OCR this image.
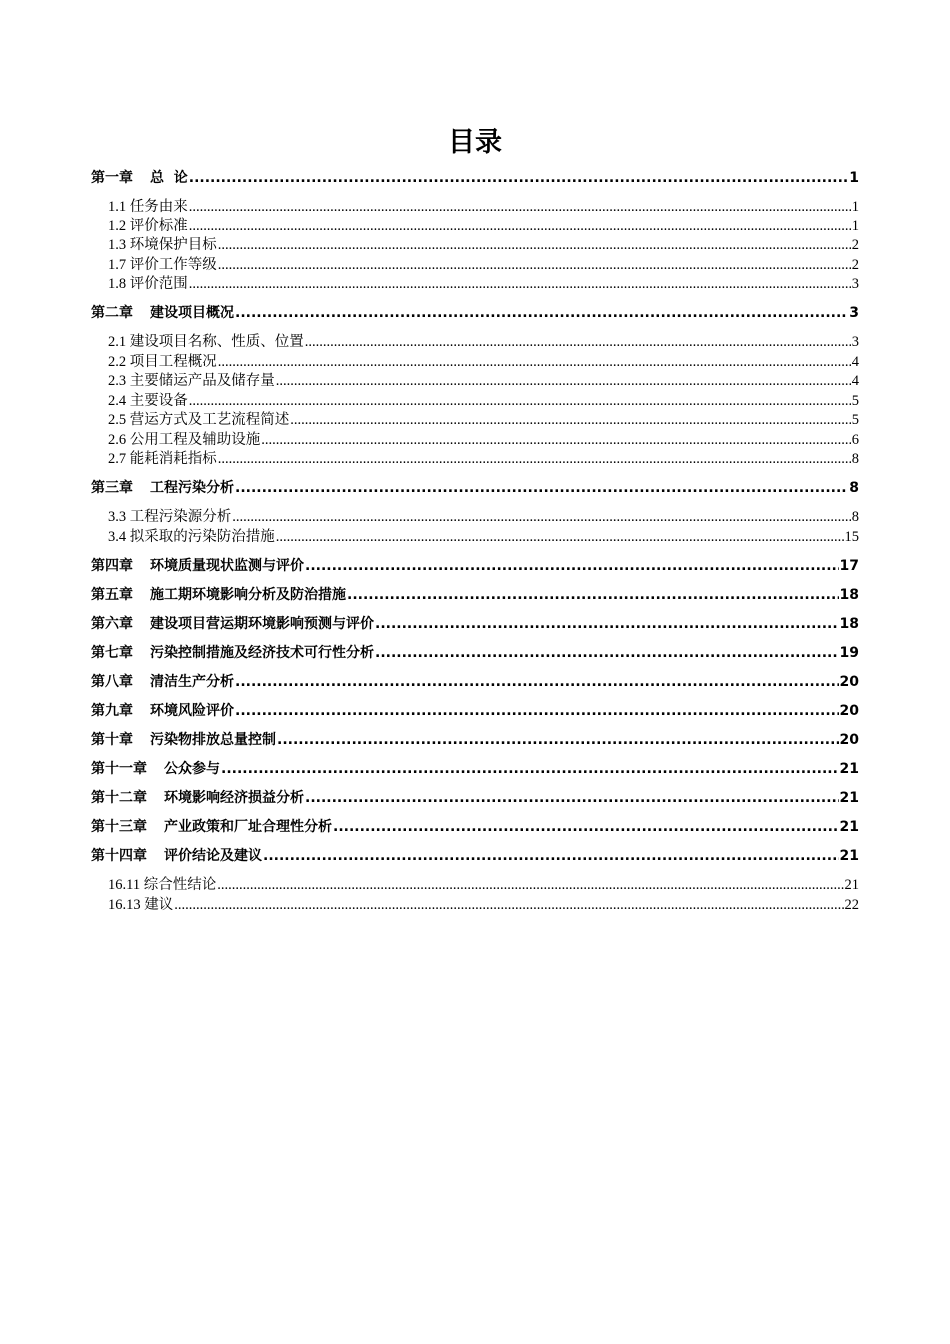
目录
第一章 总  论 .....	1
1.1 任务由来 .....	1
1.2 评价标准 .....	1
1.3 环境保护目标 .....	2
1.7 评价工作等级 .....	2
1.8 评价范围 .....	3
第二章 建设项目概况 .....	3
2.1 建设项目名称、性质、位置 .....	3
2.2 项目工程概况 .....	4
2.3 主要储运产品及储存量 .....	4
2.4 主要设备 .....	5
2.5 营运方式及工艺流程简述 .....	5
2.6 公用工程及辅助设施 .....	6
2.7 能耗消耗指标 .....	8
第三章 工程污染分析 .....	8
3.3 工程污染源分析 .....	8
3.4 拟采取的污染防治措施 .....	15
第四章 环境质量现状监测与评价 .....	17
第五章 施工期环境影响分析及防治措施 .....	18
第六章 建设项目营运期环境影响预测与评价 .....	18
第七章 污染控制措施及经济技术可行性分析 .....	19
第八章 清洁生产分析 .....	20
第九章 环境风险评价 .....	20
第十章 污染物排放总量控制 .....	20
第十一章 公众参与 .....	21
第十二章 环境影响经济损益分析 .....	21
第十三章 产业政策和厂址合理性分析 .....	21
第十四章 评价结论及建议 .....	21
16.11 综合性结论 .....	21
16.13 建议 .....	22
